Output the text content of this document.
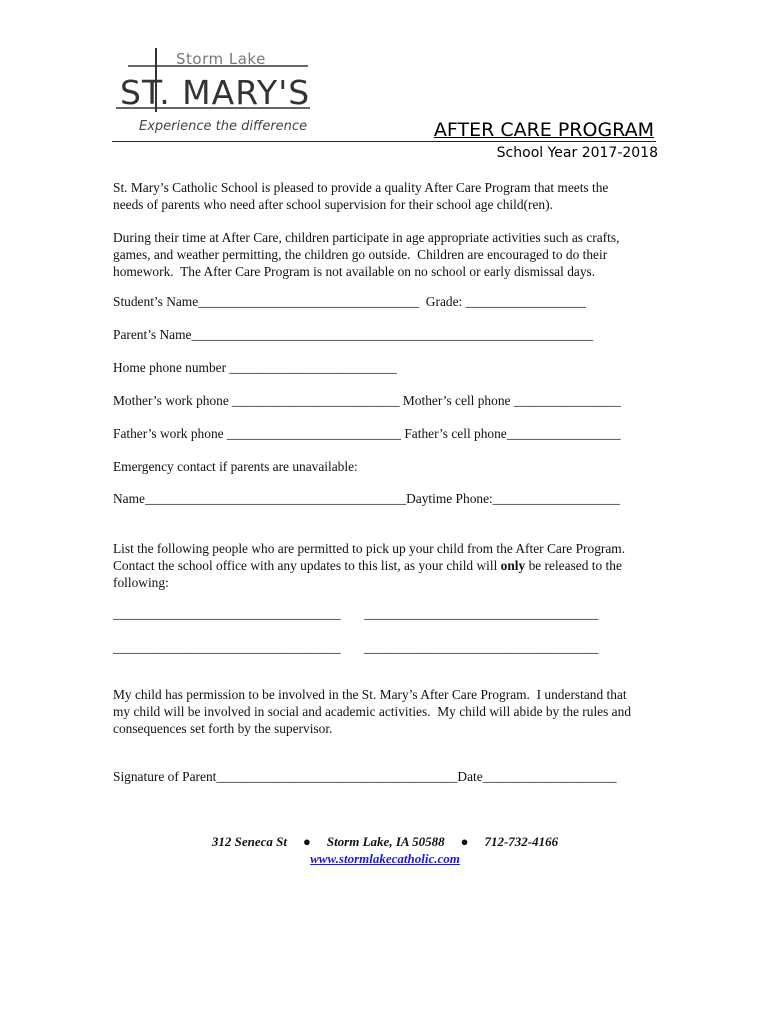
Storm Lake
ST. MARY'S
Experience the difference	AFTER CARE PROGRAM
School Year 2017-2018
St. Mary’s Catholic School is pleased to provide a quality After Care Program that meets the
needs of parents who need after school supervision for their school age child(ren).
During their time at After Care, children participate in age appropriate activities such as crafts,
games, and weather permitting, the children go outside.  Children are encouraged to do their
homework.  The After Care Program is not available on no school or early dismissal days.
Student’s Name_________________________________  Grade: __________________
Parent’s Name____________________________________________________________
Home phone number _________________________
Mother’s work phone _________________________ Mother’s cell phone ________________
Father’s work phone __________________________ Father’s cell phone_________________
Emergency contact if parents are unavailable:
Name_______________________________________Daytime Phone:___________________
List the following people who are permitted to pick up your child from the After Care Program.
Contact the school office with any updates to this list, as your child will only be released to the
following:
__________________________________       ___________________________________
__________________________________       ___________________________________
My child has permission to be involved in the St. Mary’s After Care Program.  I understand that
my child will be involved in social and academic activities.  My child will abide by the rules and
consequences set forth by the supervisor.
Signature of Parent____________________________________Date____________________
312 Seneca St ● Storm Lake, IA 50588 ● 712-732-4166
www.stormlakecatholic.com
